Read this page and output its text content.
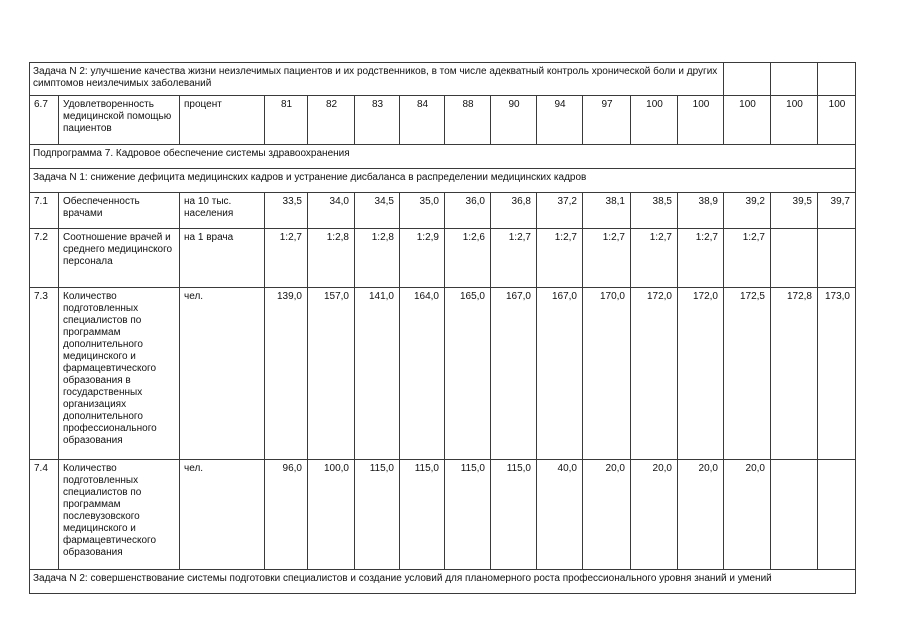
Задача N 2: улучшение качества жизни неизлечимых пациентов и их родственников, в том числе адекватный контроль хронической боли и других симптомов неизлечимых заболеваний															
6.7	Удовлетворенность медицинской помощью пациентов	процент	81	82	83	84	88	90	94	97	100	100	100	100	100
Подпрограмма 7. Кадровое обеспечение системы здравоохранения															
Задача N 1: снижение дефицита медицинских кадров и устранение дисбаланса в распределении медицинских кадров															
7.1	Обеспеченность врачами	на 10 тыс. населения	33,5	34,0	34,5	35,0	36,0	36,8	37,2	38,1	38,5	38,9	39,2	39,5	39,7
7.2	Соотношение врачей и среднего медицинского персонала	на 1 врача	1:2,7	1:2,8	1:2,8	1:2,9	1:2,6	1:2,7	1:2,7	1:2,7	1:2,7	1:2,7	1:2,7		
7.3	Количество подготовленных специалистов по программам дополнительного медицинского и фармацевтического образования в государственных организациях дополнительного профессионального образования	чел.	139,0	157,0	141,0	164,0	165,0	167,0	167,0	170,0	172,0	172,0	172,5	172,8	173,0
7.4	Количество подготовленных специалистов по программам послевузовского медицинского и фармацевтического образования	чел.	96,0	100,0	115,0	115,0	115,0	115,0	40,0	20,0	20,0	20,0	20,0		
Задача N 2: совершенствование системы подготовки специалистов и создание условий для планомерного роста профессионального уровня знаний и умений															
